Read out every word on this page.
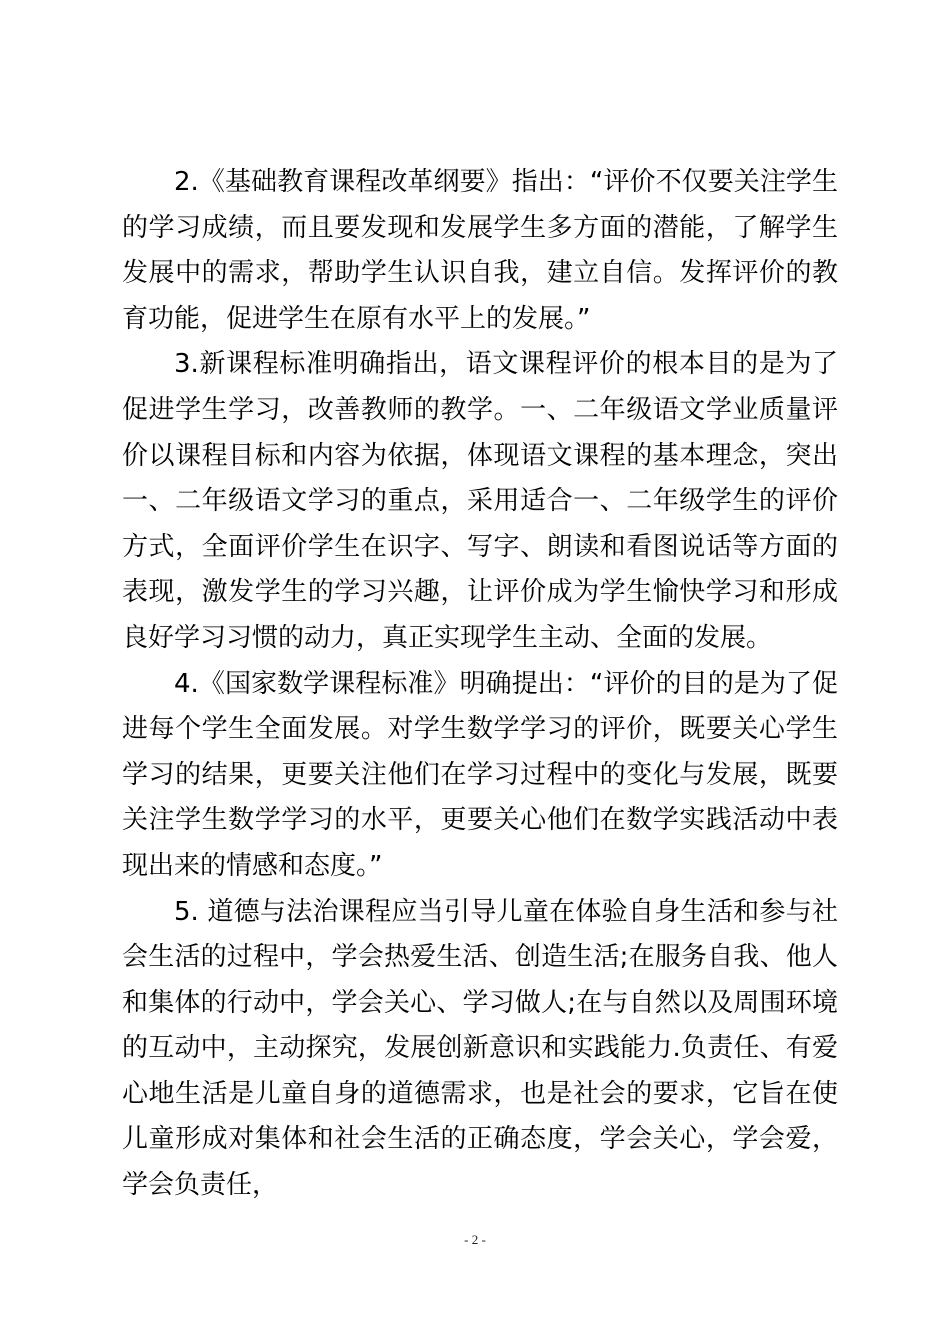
2.《基础教育课程改革纲要》指出：“评价不仅要关注学生的学习成绩，而且要发现和发展学生多方面的潜能，了解学生发展中的需求，帮助学生认识自我，建立自信。发挥评价的教育功能，促进学生在原有水平上的发展。”

3.新课程标准明确指出，语文课程评价的根本目的是为了促进学生学习，改善教师的教学。一、二年级语文学业质量评价以课程目标和内容为依据，体现语文课程的基本理念，突出一、二年级语文学习的重点，采用适合一、二年级学生的评价方式，全面评价学生在识字、写字、朗读和看图说话等方面的表现，激发学生的学习兴趣，让评价成为学生愉快学习和形成良好学习习惯的动力，真正实现学生主动、全面的发展。

4.《国家数学课程标准》明确提出：“评价的目的是为了促进每个学生全面发展。对学生数学学习的评价，既要关心学生学习的结果，更要关注他们在学习过程中的变化与发展，既要关注学生数学学习的水平，更要关心他们在数学实践活动中表现出来的情感和态度。”

5. 道德与法治课程应当引导儿童在体验自身生活和参与社会生活的过程中，学会热爱生活、创造生活;在服务自我、他人和集体的行动中，学会关心、学习做人;在与自然以及周围环境的互动中，主动探究，发展创新意识和实践能力.负责任、有爱心地生活是儿童自身的道德需求，也是社会的要求，它旨在使儿童形成对集体和社会生活的正确态度，学会关心，学会爱，学会负责任，

- 2 -
